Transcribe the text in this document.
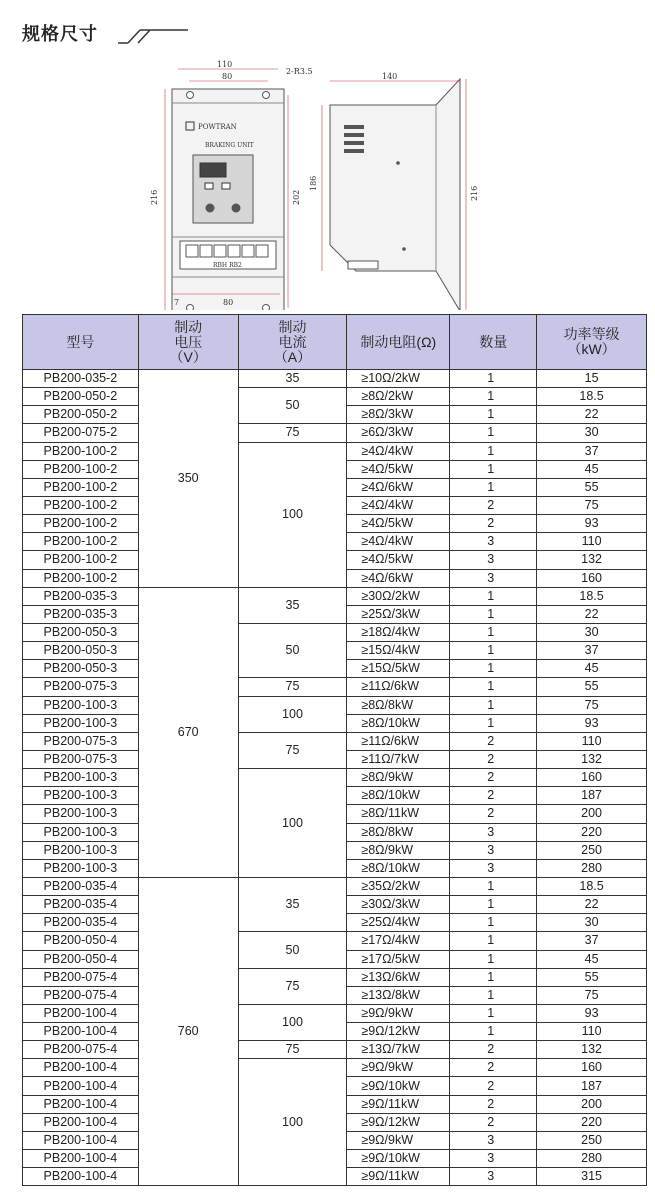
规格尺寸
POWTRAN
BRAKING UNIT
RBH RB2
110
80
2-R3.5
216	202
7	80
140
186
216
型号	制动
电压
（V）	制动
电流
（A）	制动电阻(Ω)	数量	功率等级
（kW）
PB200-035-2	350	35	≥10Ω/2kW	1	15
PB200-050-2		50	≥8Ω/2kW	1	18.5
PB200-050-2			≥8Ω/3kW	1	22
PB200-075-2		75	≥6Ω/3kW	1	30
PB200-100-2		100	≥4Ω/4kW	1	37
PB200-100-2			≥4Ω/5kW	1	45
PB200-100-2			≥4Ω/6kW	1	55
PB200-100-2			≥4Ω/4kW	2	75
PB200-100-2			≥4Ω/5kW	2	93
PB200-100-2			≥4Ω/4kW	3	110
PB200-100-2			≥4Ω/5kW	3	132
PB200-100-2			≥4Ω/6kW	3	160
PB200-035-3	670	35	≥30Ω/2kW	1	18.5
PB200-035-3			≥25Ω/3kW	1	22
PB200-050-3		50	≥18Ω/4kW	1	30
PB200-050-3			≥15Ω/4kW	1	37
PB200-050-3			≥15Ω/5kW	1	45
PB200-075-3		75	≥11Ω/6kW	1	55
PB200-100-3		100	≥8Ω/8kW	1	75
PB200-100-3			≥8Ω/10kW	1	93
PB200-075-3		75	≥11Ω/6kW	2	110
PB200-075-3			≥11Ω/7kW	2	132
PB200-100-3		100	≥8Ω/9kW	2	160
PB200-100-3			≥8Ω/10kW	2	187
PB200-100-3			≥8Ω/11kW	2	200
PB200-100-3			≥8Ω/8kW	3	220
PB200-100-3			≥8Ω/9kW	3	250
PB200-100-3			≥8Ω/10kW	3	280
PB200-035-4	760	35	≥35Ω/2kW	1	18.5
PB200-035-4			≥30Ω/3kW	1	22
PB200-035-4			≥25Ω/4kW	1	30
PB200-050-4		50	≥17Ω/4kW	1	37
PB200-050-4			≥17Ω/5kW	1	45
PB200-075-4		75	≥13Ω/6kW	1	55
PB200-075-4			≥13Ω/8kW	1	75
PB200-100-4		100	≥9Ω/9kW	1	93
PB200-100-4			≥9Ω/12kW	1	110
PB200-075-4		75	≥13Ω/7kW	2	132
PB200-100-4		100	≥9Ω/9kW	2	160
PB200-100-4			≥9Ω/10kW	2	187
PB200-100-4			≥9Ω/11kW	2	200
PB200-100-4			≥9Ω/12kW	2	220
PB200-100-4			≥9Ω/9kW	3	250
PB200-100-4			≥9Ω/10kW	3	280
PB200-100-4			≥9Ω/11kW	3	315
